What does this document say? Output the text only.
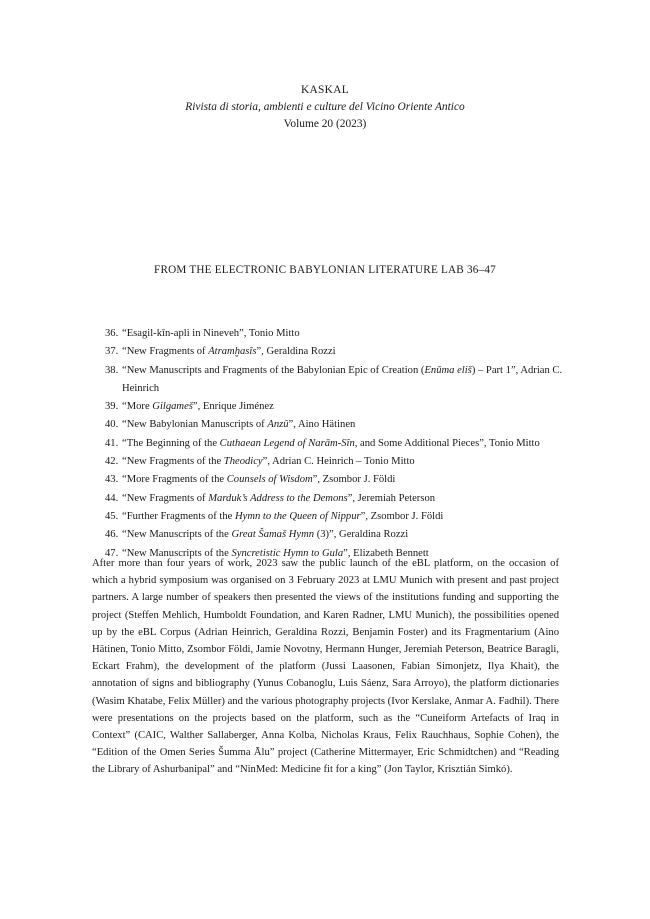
KASKAL
Rivista di storia, ambienti e culture del Vicino Oriente Antico
Volume 20 (2023)
FROM THE ELECTRONIC BABYLONIAN LITERATURE LAB 36–47
36. “Esagil-kīn-apli in Nineveh”, Tonio Mitto
37. “New Fragments of Atramḫasīs”, Geraldina Rozzi
38. “New Manuscripts and Fragments of the Babylonian Epic of Creation (Enūma eliš) – Part 1”, Adrian C. Heinrich
39. “More Gilgameš”, Enrique Jiménez
40. “New Babylonian Manuscripts of Anzû”, Aino Hätinen
41. “The Beginning of the Cuthaean Legend of Narām-Sîn, and Some Additional Pieces”, Tonio Mitto
42. “New Fragments of the Theodicy”, Adrian C. Heinrich – Tonio Mitto
43. “More Fragments of the Counsels of Wisdom”, Zsombor J. Földi
44. “New Fragments of Marduk’s Address to the Demons”, Jeremiah Peterson
45. “Further Fragments of the Hymn to the Queen of Nippur”, Zsombor J. Földi
46. “New Manuscripts of the Great Šamaš Hymn (3)”, Geraldina Rozzi
47. “New Manuscripts of the Syncretistic Hymn to Gula”, Elizabeth Bennett
After more than four years of work, 2023 saw the public launch of the eBL platform, on the occasion of which a hybrid symposium was organised on 3 February 2023 at LMU Munich with present and past project partners. A large number of speakers then presented the views of the institutions funding and supporting the project (Steffen Mehlich, Humboldt Foundation, and Karen Radner, LMU Munich), the possibilities opened up by the eBL Corpus (Adrian Heinrich, Geraldina Rozzi, Benjamin Foster) and its Fragmentarium (Aino Hätinen, Tonio Mitto, Zsombor Földi, Jamie Novotny, Hermann Hunger, Jeremiah Peterson, Beatrice Baragli, Eckart Frahm), the development of the platform (Jussi Laasonen, Fabian Simonjetz, Ilya Khait), the annotation of signs and bibliography (Yunus Cobanoglu, Luis Sáenz, Sara Arroyo), the platform dictionaries (Wasim Khatabe, Felix Müller) and the various photography projects (Ivor Kerslake, Anmar A. Fadhil). There were presentations on the projects based on the platform, such as the “Cuneiform Artefacts of Iraq in Context” (CAIC, Walther Sallaberger, Anna Kolba, Nicholas Kraus, Felix Rauchhaus, Sophie Cohen), the “Edition of the Omen Series Šumma Ālu” project (Catherine Mittermayer, Eric Schmidtchen) and “Reading the Library of Ashurbanipal” and “NinMed: Medicine fit for a king” (Jon Taylor, Krisztián Simkó).
